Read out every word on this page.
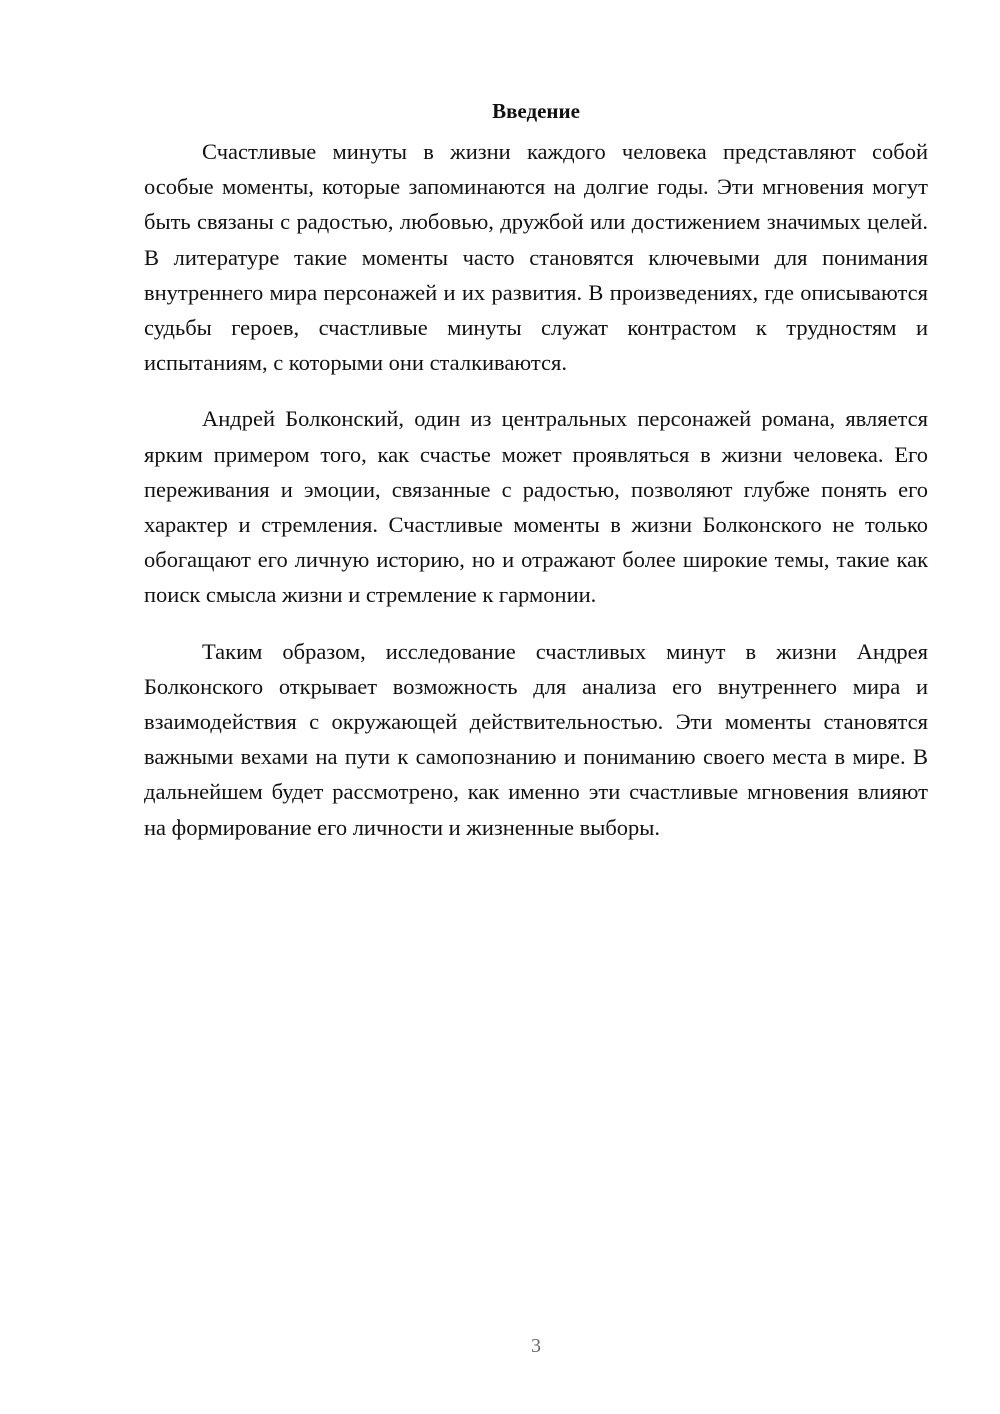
Введение

Счастливые минуты в жизни каждого человека представляют собой особые моменты, которые запоминаются на долгие годы. Эти мгновения могут быть связаны с радостью, любовью, дружбой или достижением значимых целей. В литературе такие моменты часто становятся ключевыми для понимания внутреннего мира персонажей и их развития. В произведениях, где описываются судьбы героев, счастливые минуты служат контрастом к трудностям и испытаниям, с которыми они сталкиваются.

Андрей Болконский, один из центральных персонажей романа, является ярким примером того, как счастье может проявляться в жизни человека. Его переживания и эмоции, связанные с радостью, позволяют глубже понять его характер и стремления. Счастливые моменты в жизни Болконского не только обогащают его личную историю, но и отражают более широкие темы, такие как поиск смысла жизни и стремление к гармонии.

Таким образом, исследование счастливых минут в жизни Андрея Болконского открывает возможность для анализа его внутреннего мира и взаимодействия с окружающей действительностью. Эти моменты становятся важными вехами на пути к самопознанию и пониманию своего места в мире. В дальнейшем будет рассмотрено, как именно эти счастливые мгновения влияют на формирование его личности и жизненные выборы.

3
